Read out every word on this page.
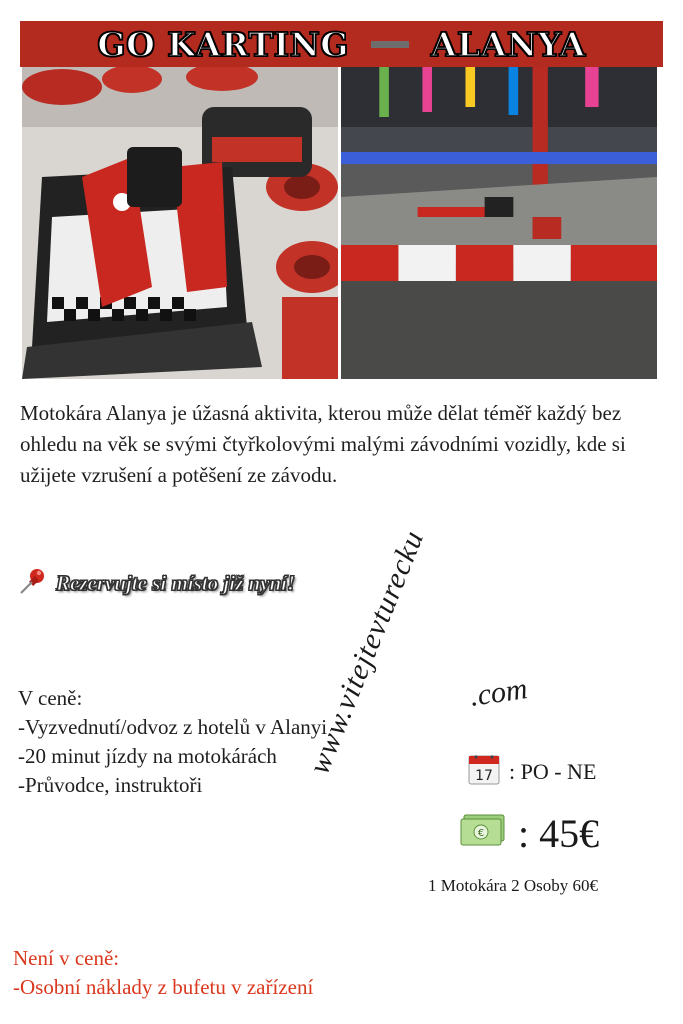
GO KARTING ALANYA

Motokára Alanya je úžasná aktivita, kterou může dělat téměř každý bez ohledu na věk se svými čtyřkolovými malými závodními vozidly, kde si užijete vzrušení a potěšení ze závodu.

Rezervujte si místo již nyní!
V ceně:
-Vyzvednutí/odvoz z hotelů v Alanyi
-20 minut jízdy na motokárách
-Průvodce, instruktoři
www.vitejtevturecku .com
17 : PO - NE
€ : 45€
1 Motokára 2 Osoby 60€
Není v ceně:
-Osobní náklady z bufetu v zařízení
